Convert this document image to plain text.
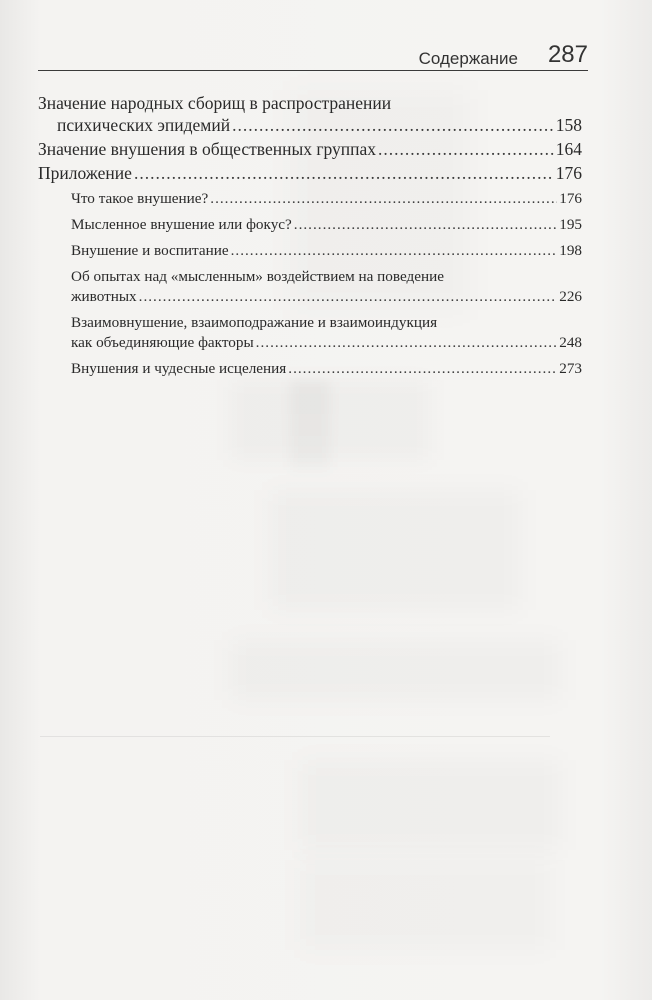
Содержание 287
Значение народных сборищ в распространении
психических эпидемий .....	158
Значение внушения в общественных группах .....	164
Приложение .....	176
Что такое внушение? .....	176
Мысленное внушение или фокус? .....	195
Внушение и воспитание .....	198
Об опытах над «мысленным» воздействием на поведение
животных .....	226
Взаимовнушение, взаимоподражание и взаимоиндукция
как объединяющие факторы .....	248
Внушения и чудесные исцеления .....	273
